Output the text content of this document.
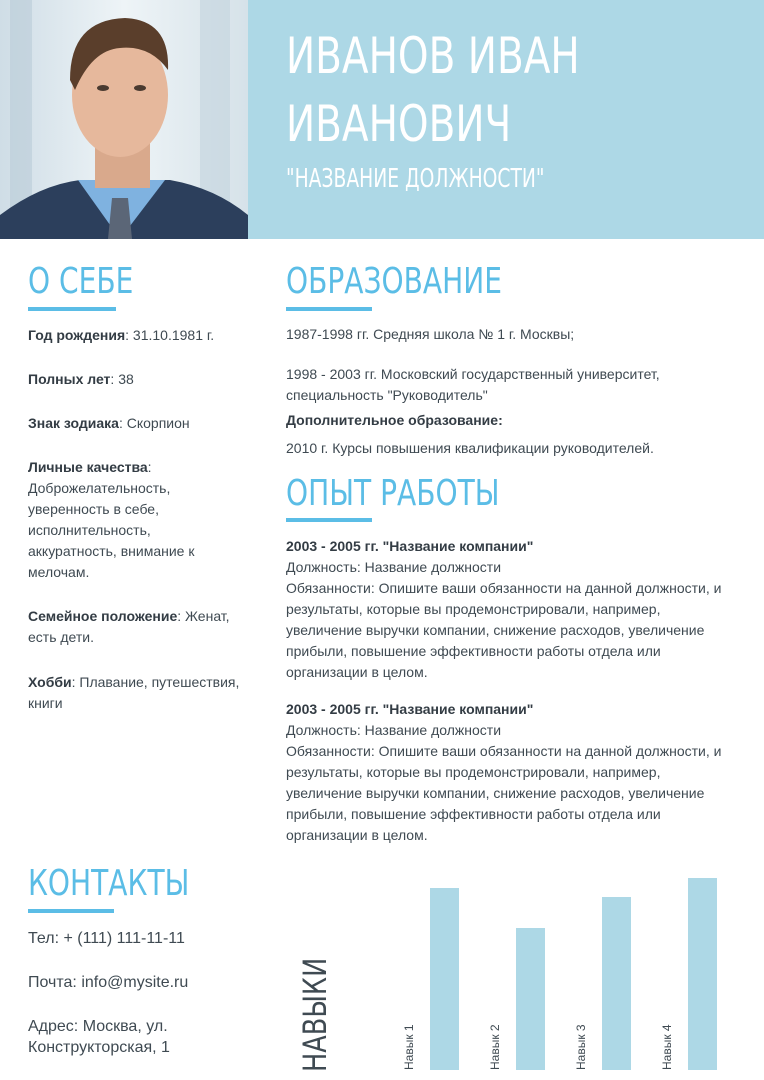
ИВАНОВ ИВАН
ИВАНОВИЧ
"НАЗВАНИЕ ДОЛЖНОСТИ"
О СЕБЕ
Год рождения: 31.10.1981 г.
Полных лет: 38
Знак зодиака: Скорпион
Личные качества: Доброжелательность, уверенность в себе, исполнительность, аккуратность, внимание к мелочам.
Семейное положение: Женат, есть дети.
Хобби: Плавание, путешествия, книги
ОБРАЗОВАНИЕ
1987-1998 гг. Средняя школа № 1 г. Москвы;
1998 - 2003 гг. Московский государственный университет, специальность "Руководитель"
Дополнительное образование:
2010 г. Курсы повышения квалификации руководителей.
ОПЫТ РАБОТЫ
2003 - 2005 гг. "Название компании"
Должность: Название должности
Обязанности: Опишите ваши обязанности на данной должности, и результаты, которые вы продемонстрировали, например, увеличение выручки компании, снижение расходов, увеличение прибыли, повышение эффективности работы отдела или организации в целом.
2003 - 2005 гг. "Название компании"
Должность: Название должности
Обязанности: Опишите ваши обязанности на данной должности, и результаты, которые вы продемонстрировали, например, увеличение выручки компании, снижение расходов, увеличение прибыли, повышение эффективности работы отдела или организации в целом.
КОНТАКТЫ
Тел: + (111) 111-11-11
Почта: info@mysite.ru
Адрес: Москва, ул. Конструкторская, 1	НАВЫКИ	Навык 1	Навык 2	Навык 3	Навык 4
